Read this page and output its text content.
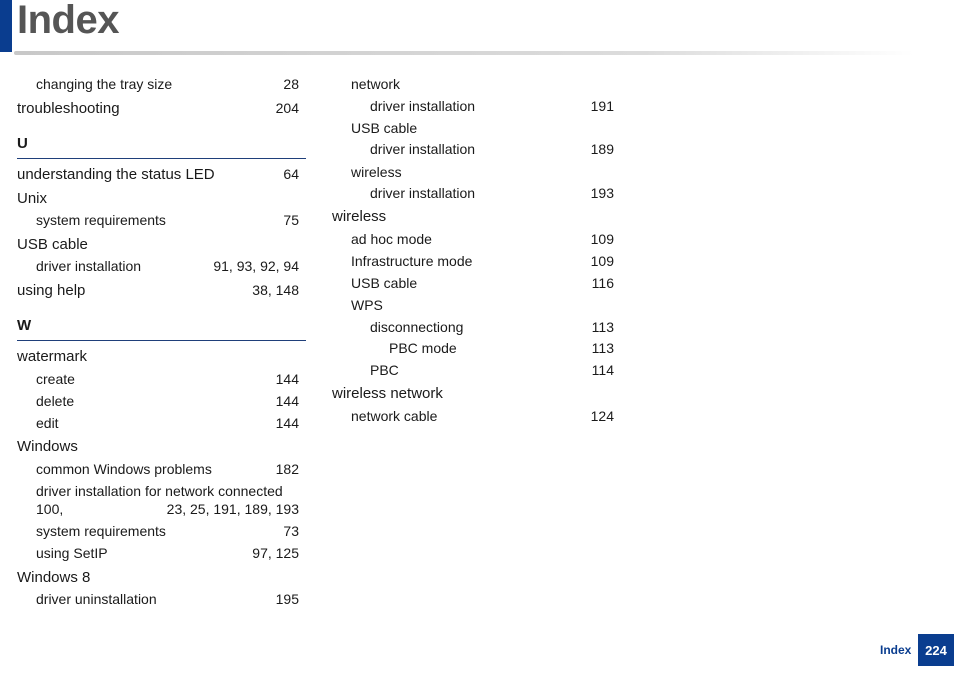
Index
changing the tray size	28
troubleshooting	204
U
understanding the status LED	64
Unix
system requirements	75
USB cable
driver installation	91, 93, 92, 94
using help	38, 148
W
watermark
create	144
delete	144
edit	144
Windows
common Windows problems	182
driver installation for network connected
100,	23, 25, 191, 189, 193
system requirements	73
using SetIP	97, 125
Windows 8
driver uninstallation	195
network
driver installation	191
USB cable
driver installation	189
wireless
driver installation	193
wireless
ad hoc mode	109
Infrastructure mode	109
USB cable	116
WPS
disconnectiong	113
PBC mode	113
PBC	114
wireless network
network cable	124
Index 224
